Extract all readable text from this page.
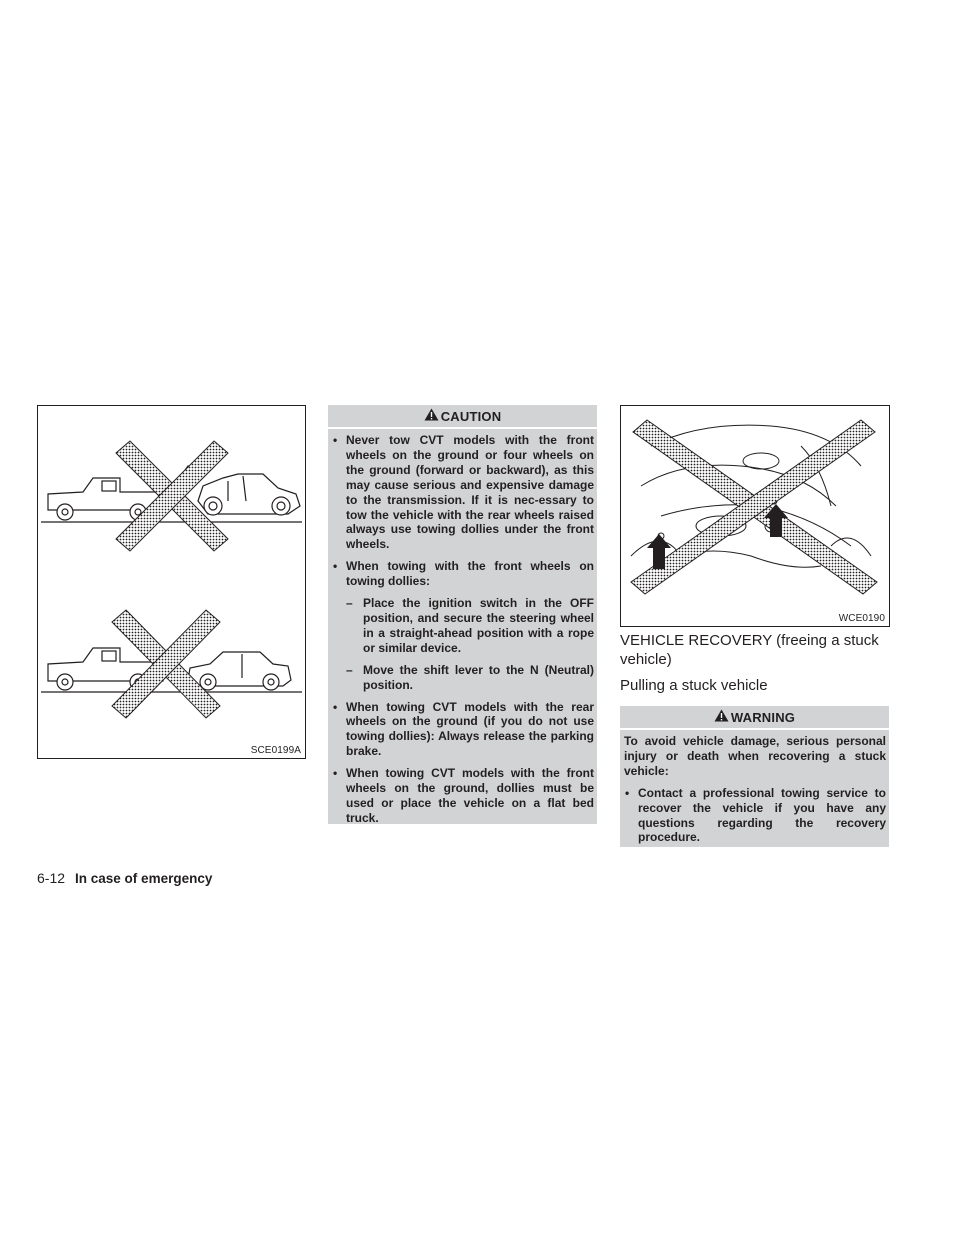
SCE0199A
CAUTION
• Never tow CVT models with the front wheels on the ground or four wheels on the ground (forward or backward), as this may cause serious and expensive damage to the transmission. If it is nec-essary to tow the vehicle with the rear wheels raised always use towing dollies under the front wheels.
• When towing with the front wheels on towing dollies:
– Place the ignition switch in the OFF position, and secure the steering wheel in a straight-ahead position with a rope or similar device.
– Move the shift lever to the N (Neutral) position.
• When towing CVT models with the rear wheels on the ground (if you do not use towing dollies): Always release the parking brake.
• When towing CVT models with the front wheels on the ground, dollies must be used or place the vehicle on a flat bed truck.
WCE0190
VEHICLE RECOVERY (freeing a stuck vehicle)
Pulling a stuck vehicle
WARNING
To avoid vehicle damage, serious personal injury or death when recovering a stuck vehicle:
• Contact a professional towing service to recover the vehicle if you have any questions regarding the recovery procedure.
6-12 In case of emergency
